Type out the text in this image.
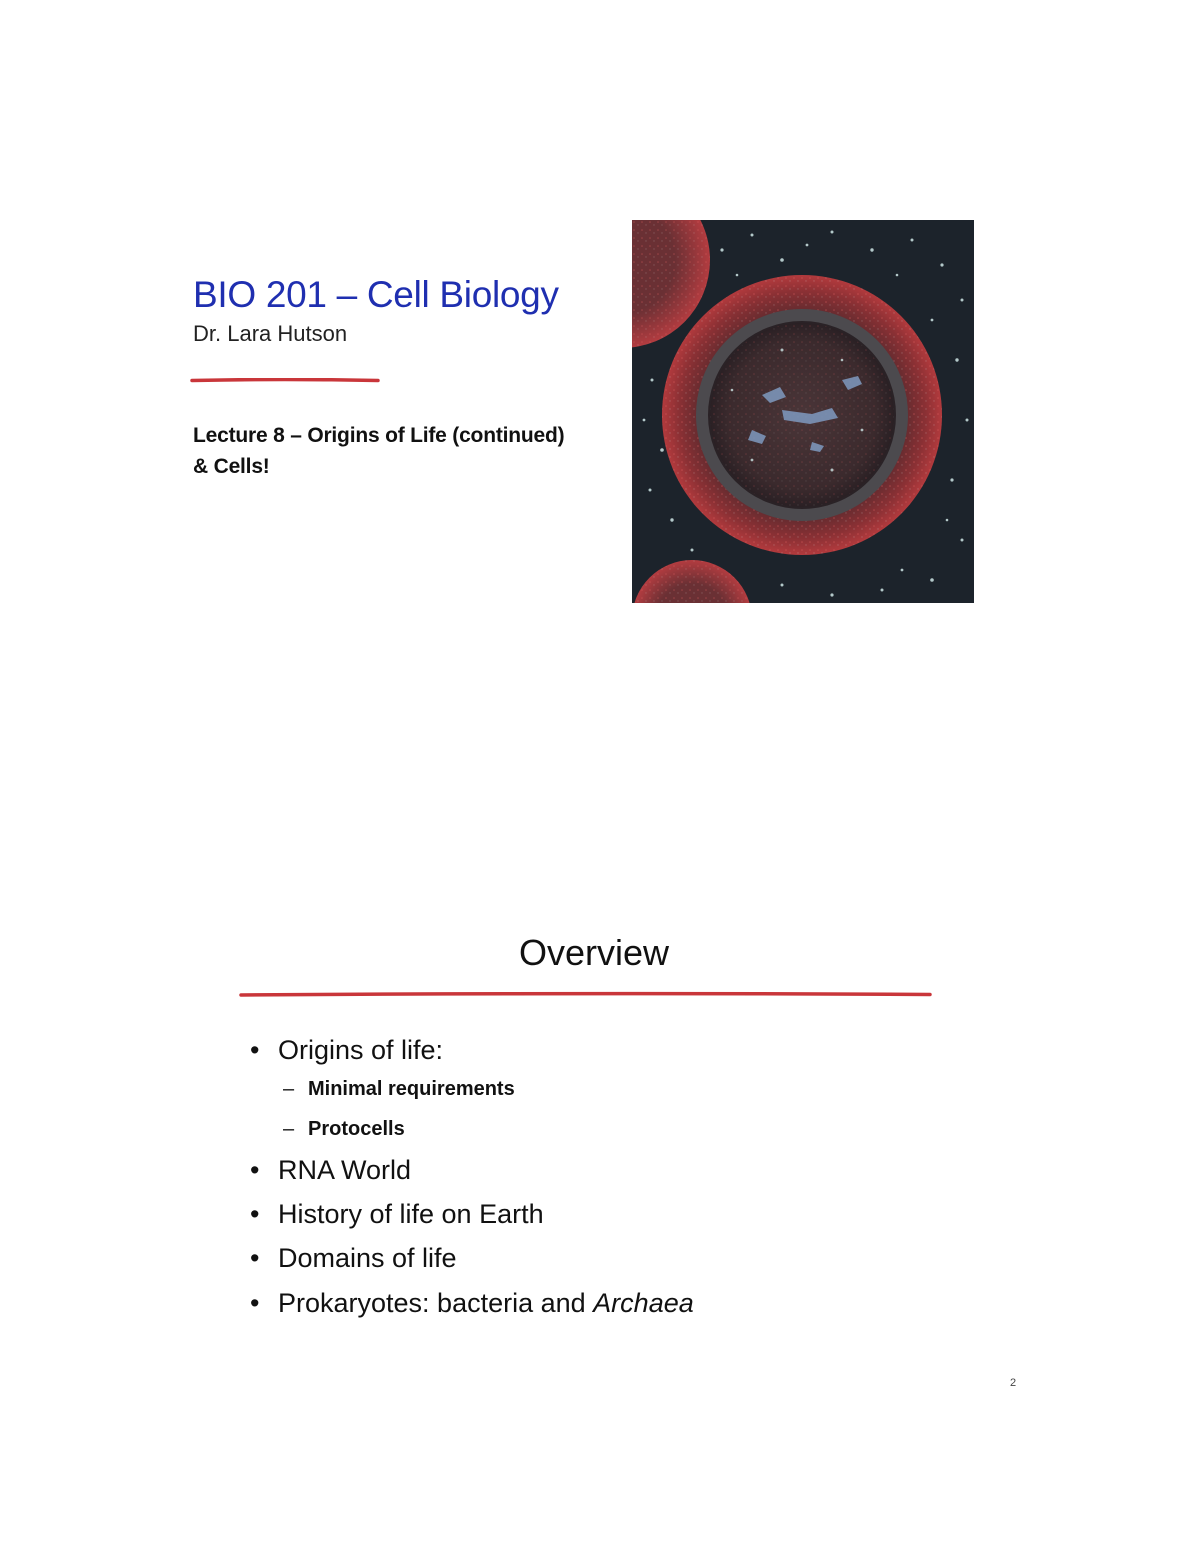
BIO 201 – Cell Biology
Dr. Lara Hutson
Lecture 8 – Origins of Life (continued)
& Cells!
Overview
• Origins of life:
– Minimal requirements
– Protocells
• RNA World
• History of life on Earth
• Domains of life
• Prokaryotes: bacteria and Archaea
2
